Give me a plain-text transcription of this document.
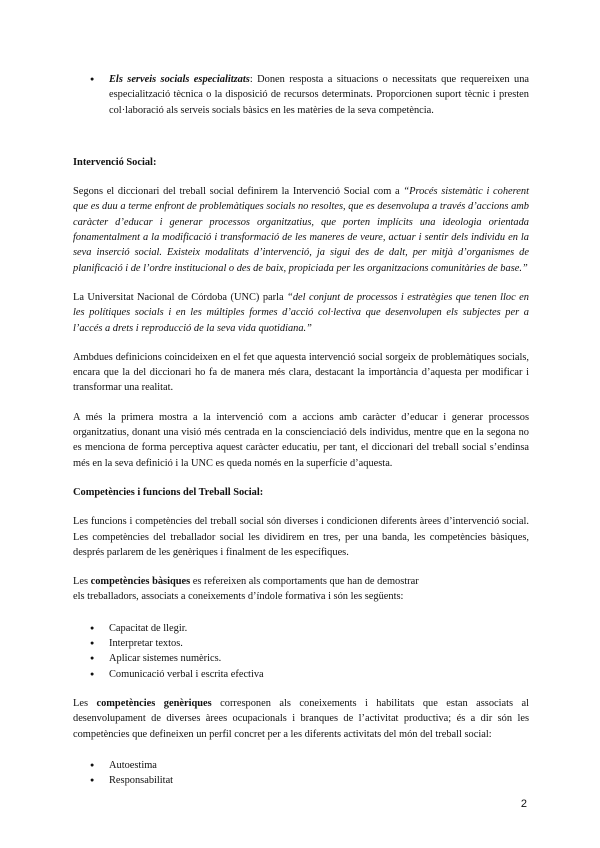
● Els serveis socials especialitzats: Donen resposta a situacions o necessitats que requereixen una especialització tècnica o la disposició de recursos determinats. Proporcionen suport tècnic i presten col·laboració als serveis socials bàsics en les matèries de la seva competència.

Intervenció Social:

Segons el diccionari del treball social definirem la Intervenció Social com a “Procés sistemàtic i coherent que es duu a terme enfront de problemàtiques socials no resoltes, que es desenvolupa a través d’accions amb caràcter d’educar i generar processos organitzatius, que porten implícits una ideologia orientada fonamentalment a la modificació i transformació de les maneres de veure, actuar i sentir dels individu en la seva inserció social. Existeix modalitats d’intervenció, ja sigui des de dalt, per mitjà d’organismes de planificació i de l’ordre institucional o des de baix, propiciada per les organitzacions comunitàries de base.”

La Universitat Nacional de Córdoba (UNC) parla “del conjunt de processos i estratègies que tenen lloc en les polítiques socials i en les múltiples formes d’acció col·lectiva que desenvolupen els subjectes per a l’accés a drets i reproducció de la seva vida quotidiana.”

Ambdues definicions coincideixen en el fet que aquesta intervenció social sorgeix de problemàtiques socials, encara que la del diccionari ho fa de manera més clara, destacant la importància d’aquesta per modificar i transformar una realitat.

A més la primera mostra a la intervenció com a accions amb caràcter d’educar i generar processos organitzatius, donant una visió més centrada en la conscienciació dels individus, mentre que en la segona no es menciona de forma perceptiva aquest caràcter educatiu, per tant, el diccionari del treball social s’endinsa més en la seva definició i la UNC es queda només en la superfície d’aquesta.

Competències i funcions del Treball Social:

Les funcions i competències del treball social són diverses i condicionen diferents àrees d’intervenció social. Les competències del treballador social les dividirem en tres, per una banda, les competències bàsiques, després parlarem de les genèriques i finalment de les específiques.

Les competències bàsiques es refereixen als comportaments que han de demostrar
els treballadors, associats a coneixements d’índole formativa i són les següents:

● Capacitat de llegir.
● Interpretar textos.
● Aplicar sistemes numèrics.
● Comunicació verbal i escrita efectiva

Les competències genèriques corresponen als coneixements i habilitats que estan associats al desenvolupament de diverses àrees ocupacionals i branques de l’activitat productiva; és a dir són les competències que defineixen un perfil concret per a les diferents activitats del món del treball social:

● Autoestima
● Responsabilitat
2
